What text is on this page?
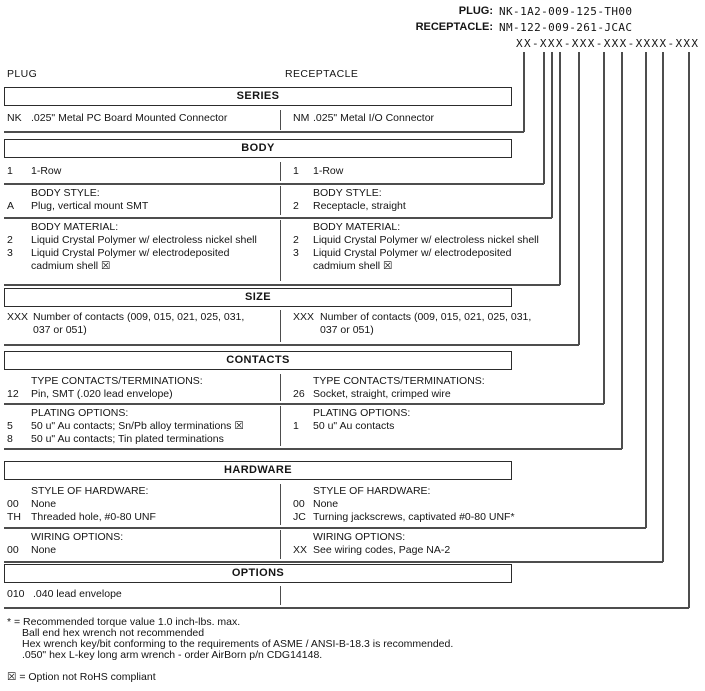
PLUG: NK-1A2-009-125-TH00
RECEPTACLE: NM-122-009-261-JCAC
XX-XXX-XXX-XXX-XXXX-XXX
PLUG	RECEPTACLE
SERIES
NK .025" Metal PC Board Mounted Connector	NM .025" Metal I/O Connector
BODY
1 1-Row	1 1-Row
BODY STYLE:	BODY STYLE:
A Plug, vertical mount SMT	2 Receptacle, straight
BODY MATERIAL:	BODY MATERIAL:
2 Liquid Crystal Polymer w/ electroless nickel shell	2 Liquid Crystal Polymer w/ electroless nickel shell
3 Liquid Crystal Polymer w/ electrodeposited	3 Liquid Crystal Polymer w/ electrodeposited
cadmium shell ☒	cadmium shell ☒
SIZE
XXX Number of contacts (009, 015, 021, 025, 031,	XXX Number of contacts (009, 015, 021, 025, 031,
037 or 051)	037 or 051)
CONTACTS
TYPE CONTACTS/TERMINATIONS:	TYPE CONTACTS/TERMINATIONS:
12 Pin, SMT (.020 lead envelope)	26 Socket, straight, crimped wire
PLATING OPTIONS:	PLATING OPTIONS:
5 50 u" Au contacts; Sn/Pb alloy terminations ☒	1 50 u" Au contacts
8 50 u" Au contacts; Tin plated terminations
HARDWARE
STYLE OF HARDWARE:	STYLE OF HARDWARE:
00 None	00 None
TH Threaded hole, #0-80 UNF	JC Turning jackscrews, captivated #0-80 UNF*
WIRING OPTIONS:	WIRING OPTIONS:
00 None	XX See wiring codes, Page NA-2
OPTIONS
010 .040 lead envelope
* = Recommended torque value 1.0 inch-lbs. max.
Ball end hex wrench not recommended
Hex wrench key/bit conforming to the requirements of ASME / ANSI-B-18.3 is recommended.
.050" hex L-key long arm wrench - order AirBorn p/n CDG14148.
☒ = Option not RoHS compliant
